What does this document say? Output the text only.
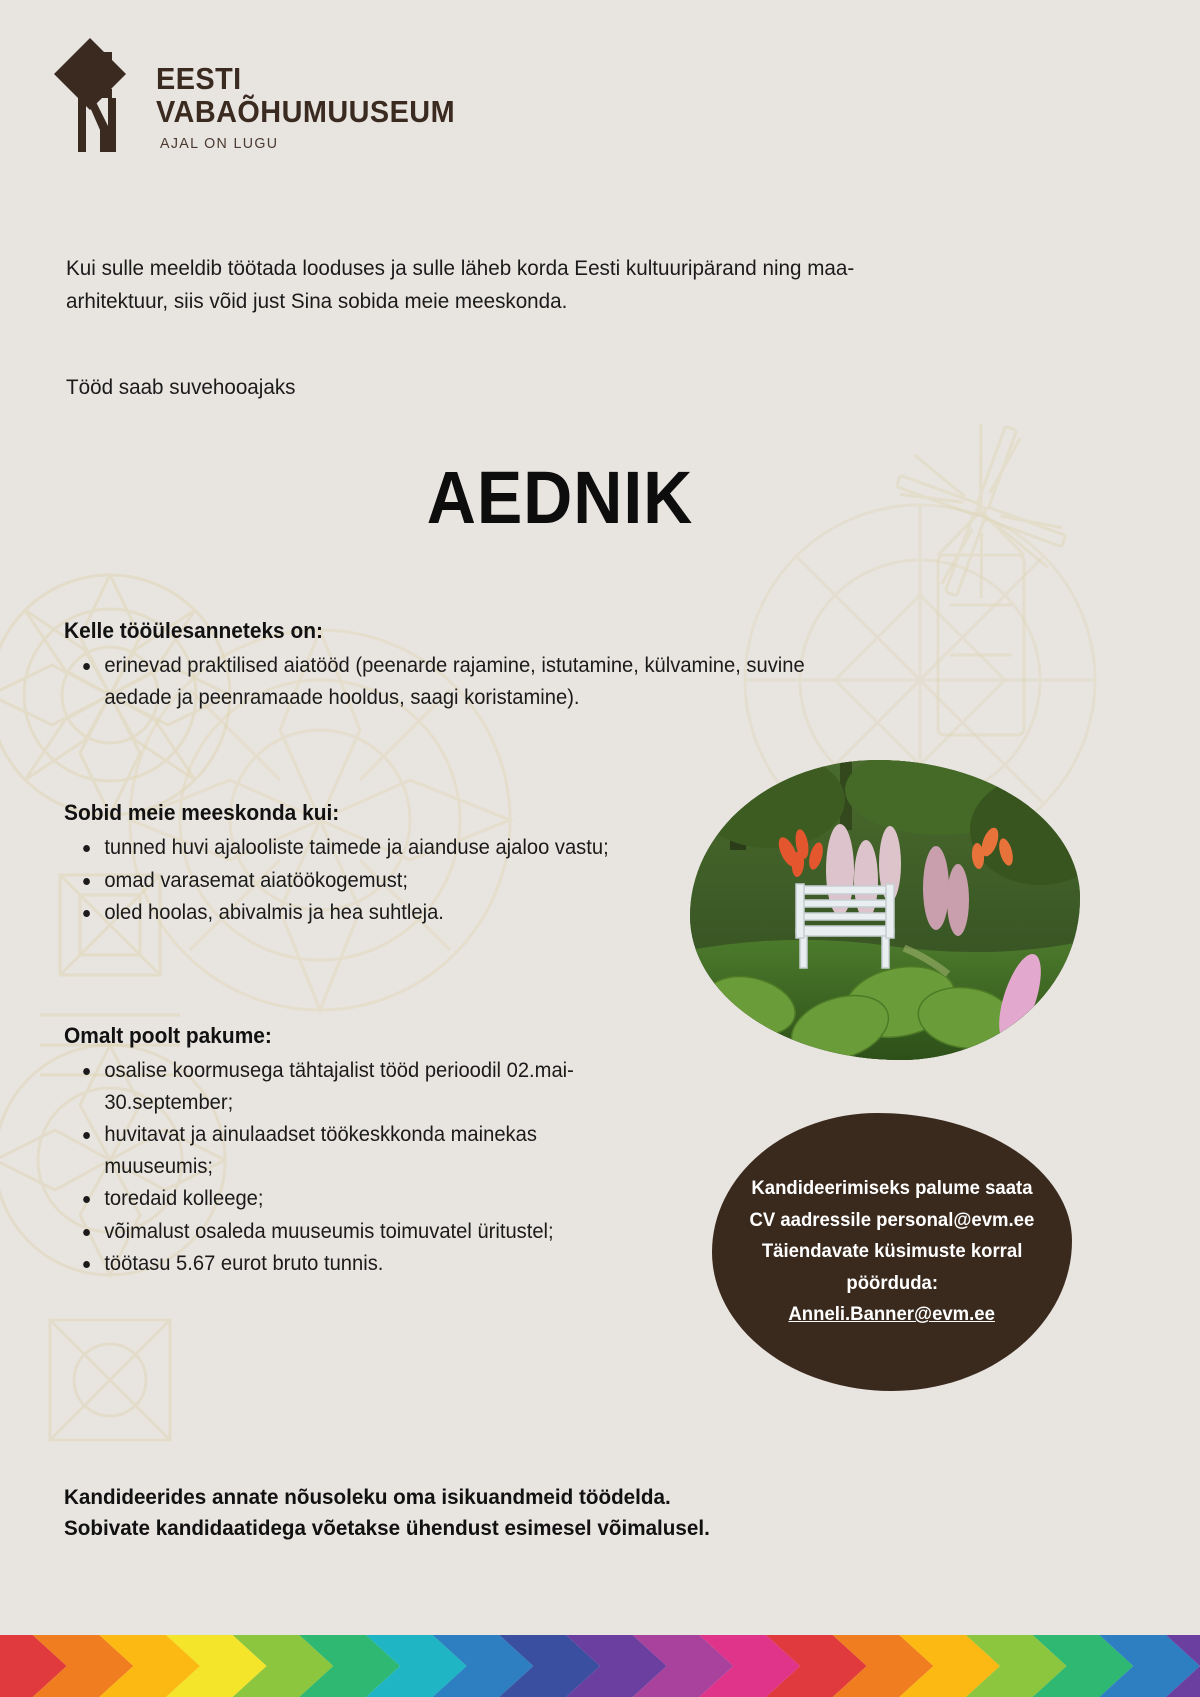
EESTI
VABAÕHUMUUSEUM
AJAL ON LUGU

Kui sulle meeldib töötada looduses ja sulle läheb korda Eesti kultuuripärand ning maa-arhitektuur, siis võid just Sina sobida meie meeskonda.

Tööd saab suvehooajaks
AEDNIK
Kelle tööülesanneteks on:
erinevad praktilised aiatööd (peenarde rajamine, istutamine, külvamine, suvine aedade ja peenramaade hooldus, saagi koristamine).
Sobid meie meeskonda kui:
tunned huvi ajalooliste taimede ja aianduse ajaloo vastu;
omad varasemat aiatöökogemust;
oled hoolas, abivalmis ja hea suhtleja.
Omalt poolt pakume:
osalise koormusega tähtajalist tööd perioodil 02.mai-30.september;
huvitavat ja ainulaadset töökeskkonda mainekas muuseumis;
toredaid kolleege;
võimalust osaleda muuseumis toimuvatel üritustel;
töötasu 5.67 eurot bruto tunnis.
Kandideerimiseks palume saata
CV aadressile personal@evm.ee
Täiendavate küsimuste korral
pöörduda:
Anneli.Banner@evm.ee

Kandideerides annate nõusoleku oma isikuandmeid töödelda.

Sobivate kandidaatidega võetakse ühendust esimesel võimalusel.
